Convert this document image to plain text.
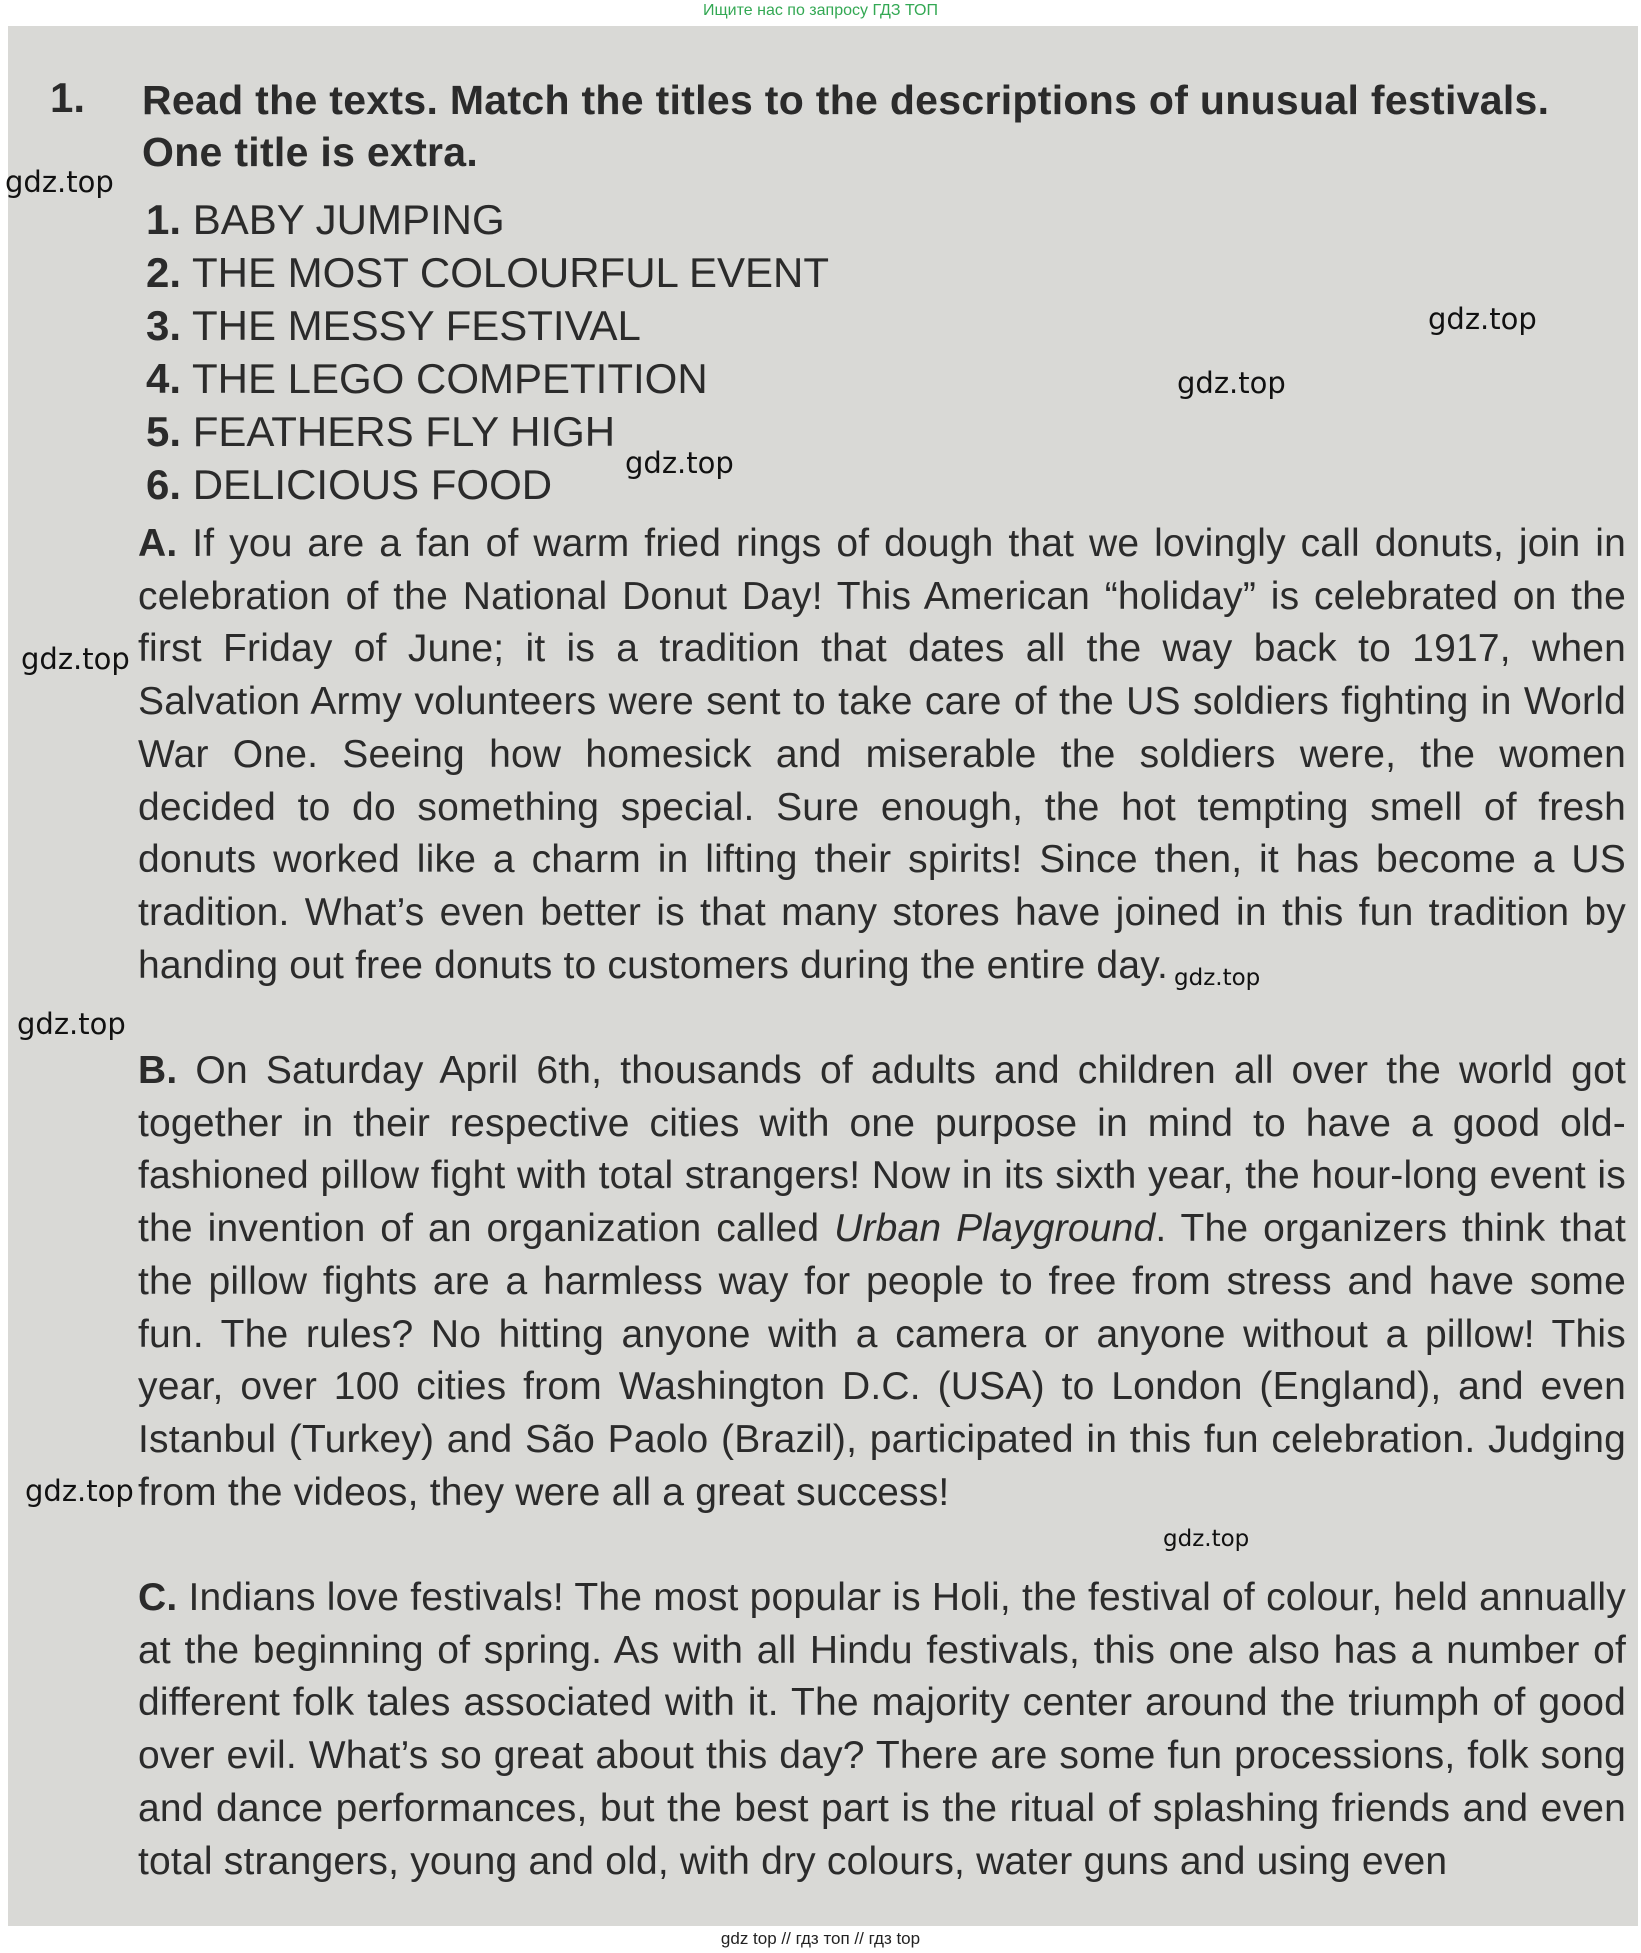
Ищите нас по запросу ГДЗ ТОП
1. Read the texts. Match the titles to the descriptions of unusual festivals. One title is extra.

1. BABY JUMPING
2. THE MOST COLOURFUL EVENT
3. THE MESSY FESTIVAL
4. THE LEGO COMPETITION
5. FEATHERS FLY HIGH
6. DELICIOUS FOOD

A. If you are a fan of warm fried rings of dough that we lovingly call donuts, join in celebration of the National Donut Day! This American “holiday” is celebrated on the first Friday of June; it is a tradition that dates all the way back to 1917, when Salvation Army volunteers were sent to take care of the US soldiers fighting in World War One. Seeing how homesick and miserable the soldiers were, the women decided to do something special. Sure enough, the hot tempting smell of fresh donuts worked like a charm in lifting their spirits! Since then, it has become a US tradition. What’s even better is that many stores have joined in this fun tradition by handing out free donuts to customers during the entire day.

B. On Saturday April 6th, thousands of adults and children all over the world got together in their respective cities with one purpose in mind to have a good old-fashioned pillow fight with total strangers! Now in its sixth year, the hour-long event is the invention of an organization called Urban Playground. The organizers think that the pillow fights are a harmless way for people to free from stress and have some fun. The rules? No hitting anyone with a camera or anyone without a pillow! This year, over 100 cities from Washington D.C. (USA) to London (England), and even Istanbul (Turkey) and São Paolo (Brazil), participated in this fun celebration. Judging from the videos, they were all a great success!

C. Indians love festivals! The most popular is Holi, the festival of colour, held annually at the beginning of spring. As with all Hindu festivals, this one also has a number of different folk tales associated with it. The majority center around the triumph of good over evil. What’s so great about this day? There are some fun processions, folk song and dance performances, but the best part is the ritual of splashing friends and even total strangers, young and old, with dry colours, water guns and using even

gdz.top
gdz.top
gdz.top
gdz.top
gdz.top
gdz.top
gdz.top
gdz.top
gdz.top
gdz top // гдз топ // гдз top
